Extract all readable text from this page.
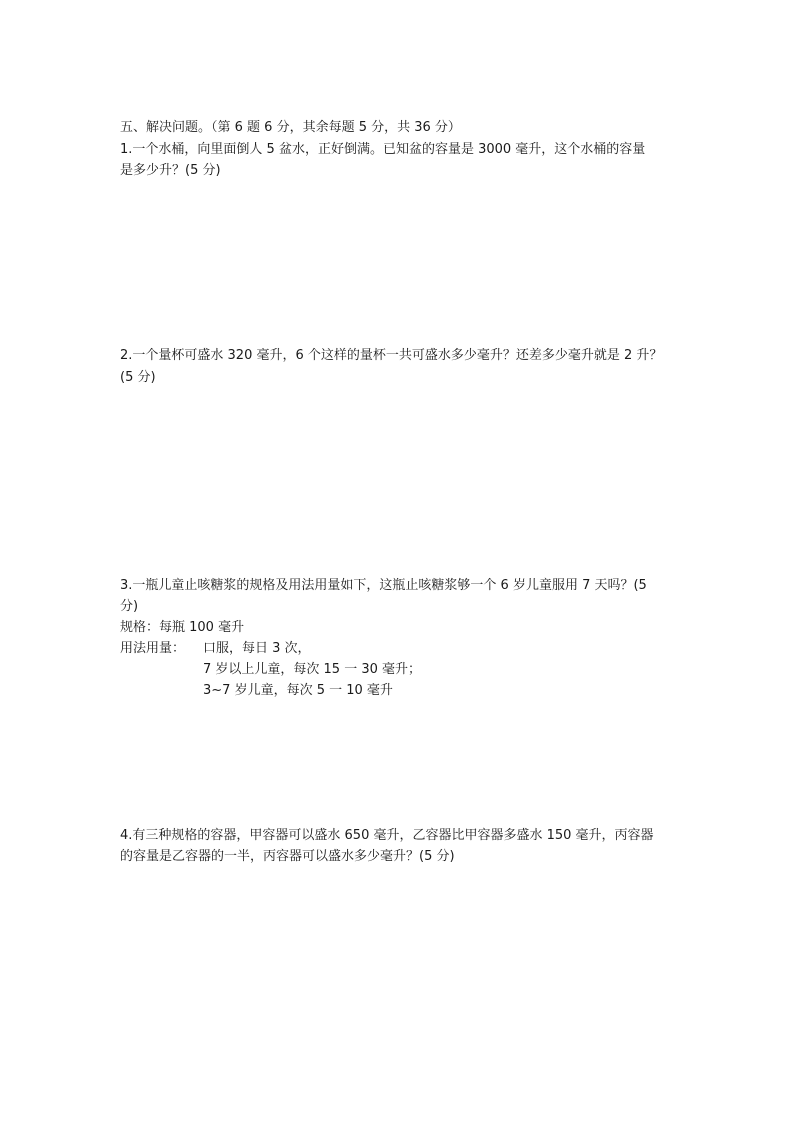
五、解决问题。（第 6 题 6 分，其余每题 5 分，共 36 分）
1.一个水桶，向里面倒人 5 盆水，正好倒满。已知盆的容量是 3000 毫升，这个水桶的容量
是多少升？(5 分)
2.一个量杯可盛水 320 毫升，6 个这样的量杯一共可盛水多少毫升？还差多少毫升就是 2 升？
(5 分)
3.一瓶儿童止咳糖浆的规格及用法用量如下，这瓶止咳糖浆够一个 6 岁儿童服用 7 天吗？(5
分)
规格：每瓶 100 毫升
用法用量： 口服，每日 3 次，
7 岁以上儿童，每次 15 一 30 毫升；
3~7 岁儿童，每次 5 一 10 毫升
4.有三种规格的容器，甲容器可以盛水 650 毫升，乙容器比甲容器多盛水 150 毫升，丙容器
的容量是乙容器的一半，丙容器可以盛水多少毫升？(5 分)
